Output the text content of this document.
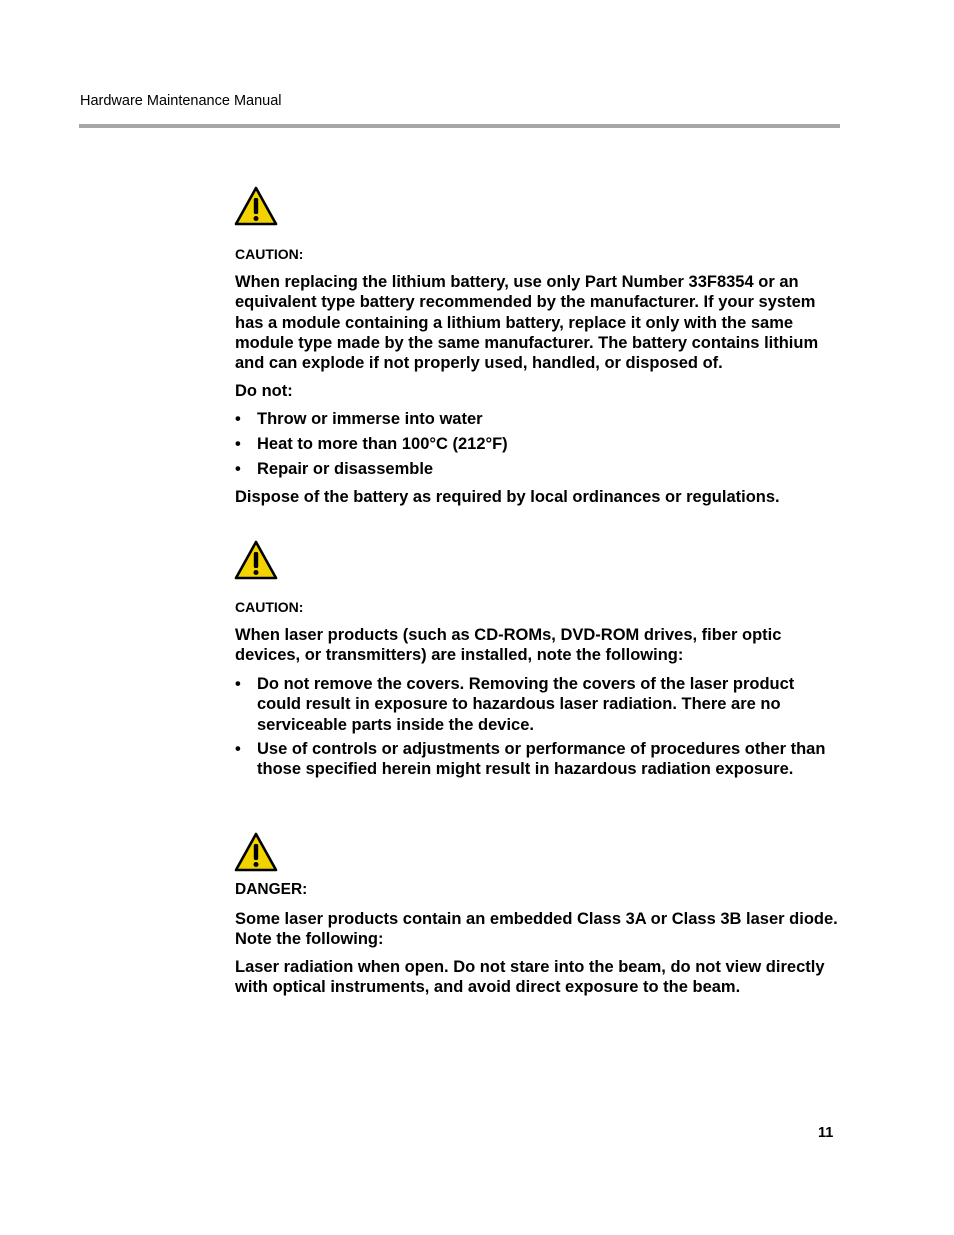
Hardware Maintenance Manual
CAUTION:
When replacing the lithium battery, use only Part Number 33F8354 or an equivalent type battery recommended by the manufacturer. If your system has a module containing a lithium battery, replace it only with the same module type made by the same manufacturer. The battery contains lithium and can explode if not properly used, handled, or disposed of.
Do not:
• Throw or immerse into water
• Heat to more than 100°C (212°F)
• Repair or disassemble
Dispose of the battery as required by local ordinances or regulations.
CAUTION:
When laser products (such as CD-ROMs, DVD-ROM drives, fiber optic devices, or transmitters) are installed, note the following:
• Do not remove the covers. Removing the covers of the laser product could result in exposure to hazardous laser radiation. There are no serviceable parts inside the device.
• Use of controls or adjustments or performance of procedures other than those specified herein might result in hazardous radiation exposure.
DANGER:
Some laser products contain an embedded Class 3A or Class 3B laser diode. Note the following:
Laser radiation when open. Do not stare into the beam, do not view directly with optical instruments, and avoid direct exposure to the beam.
11
